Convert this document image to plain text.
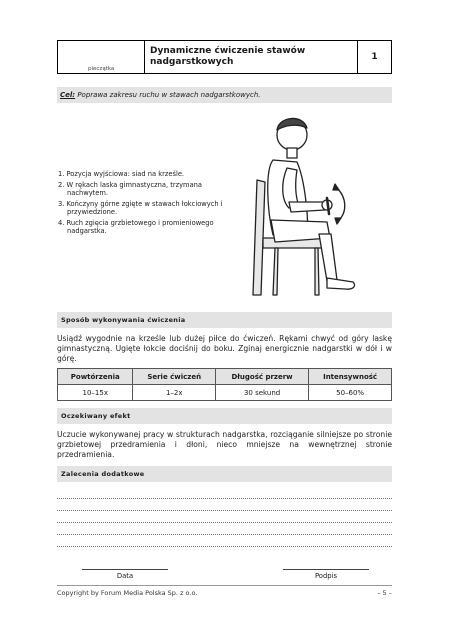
pieczątka
Dynamiczne ćwiczenie stawów nadgarstkowych	1
Cel: Poprawa zakresu ruchu w stawach nadgarstkowych.
1. Pozycja wyjściowa: siad na krześle.
2. W rękach laska gimnastyczna, trzymana nachwytem.
3. Kończyny górne zgięte w stawach łokciowych i przywiedzione.
4. Ruch zgięcia grzbietowego i promieniowego nadgarstka.
Sposób wykonywania ćwiczenia
Usiądź wygodnie na krześle lub dużej piłce do ćwiczeń. Rękami chwyć od góry laskę gimnastyczną. Ugięte łokcie dociśnij do boku. Zginaj energicznie nadgarstki w dół i w górę.
Powtórzenia	Serie ćwiczeń	Długość przerw	Intensywność
10–15x	1–2x	30 sekund	50–60%
Oczekiwany efekt
Uczucie wykonywanej pracy w strukturach nadgarstka, rozciąganie silniejsze po stronie grzbietowej przedramienia i dłoni, nieco mniejsze na wewnętrznej stronie przedramienia.
Zalecenia dodatkowe
Data	Podpis
Copyright by Forum Media Polska Sp. z o.o.	– 5 –
